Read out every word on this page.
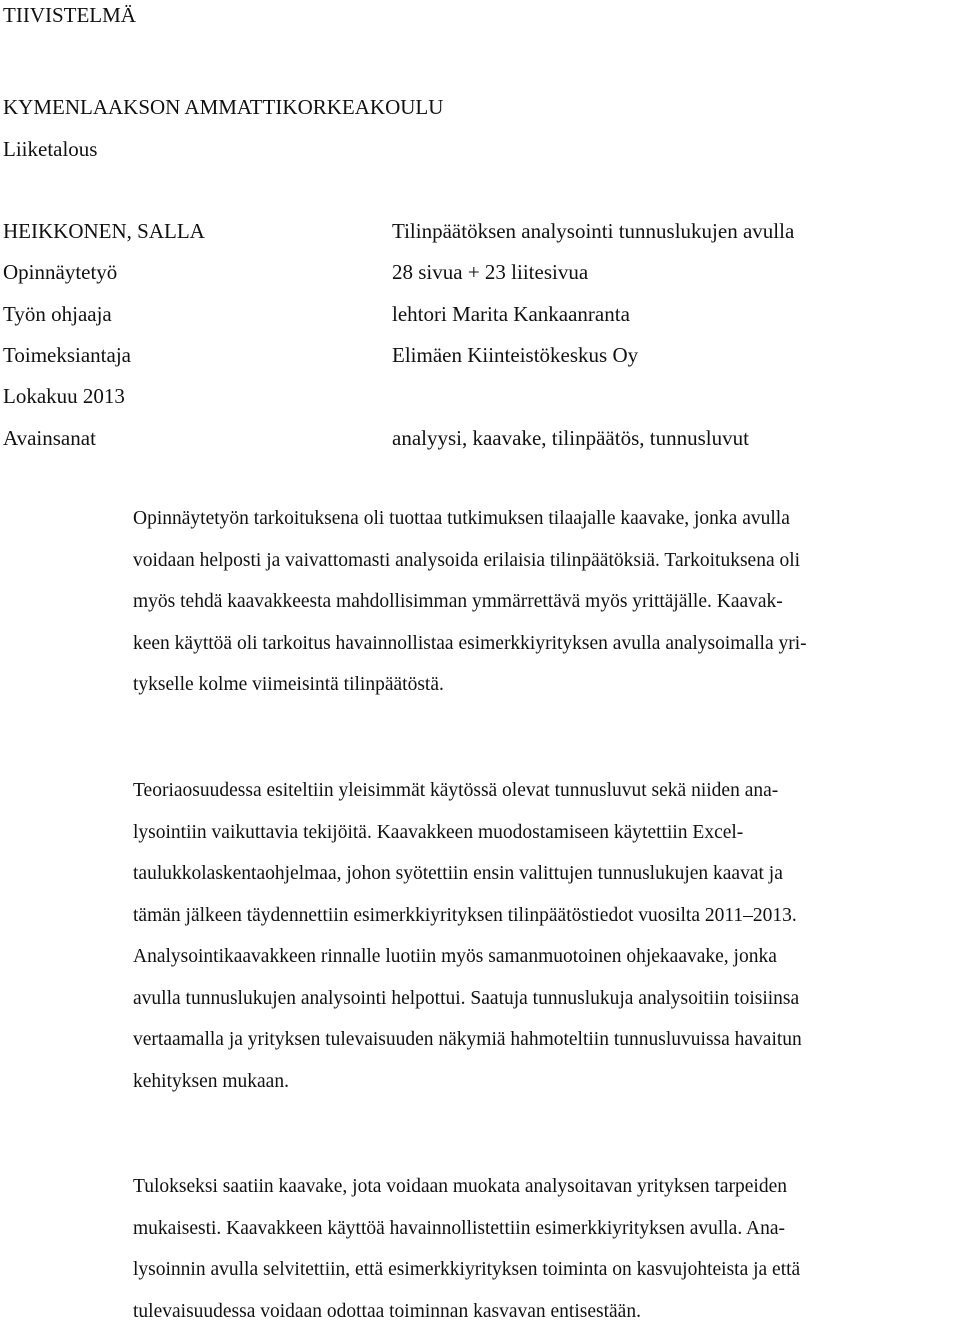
TIIVISTELMÄ
KYMENLAAKSON AMMATTIKORKEAKOULU
Liiketalous
HEIKKONEN, SALLA	Tilinpäätöksen analysointi tunnuslukujen avulla
Opinnäytetyö	28 sivua + 23 liitesivua
Työn ohjaaja	lehtori Marita Kankaanranta
Toimeksiantaja	Elimäen Kiinteistökeskus Oy
Lokakuu 2013
Avainsanat	analyysi, kaavake, tilinpäätös, tunnusluvut
Opinnäytetyön tarkoituksena oli tuottaa tutkimuksen tilaajalle kaavake, jonka avulla
voidaan helposti ja vaivattomasti analysoida erilaisia tilinpäätöksiä. Tarkoituksena oli
myös tehdä kaavakkeesta mahdollisimman ymmärrettävä myös yrittäjälle. Kaavak-
keen käyttöä oli tarkoitus havainnollistaa esimerkkiyrityksen avulla analysoimalla yri-
tykselle kolme viimeisintä tilinpäätöstä.
Teoriaosuudessa esiteltiin yleisimmät käytössä olevat tunnusluvut sekä niiden ana-
lysointiin vaikuttavia tekijöitä. Kaavakkeen muodostamiseen käytettiin Excel-
taulukkolaskentaohjelmaa, johon syötettiin ensin valittujen tunnuslukujen kaavat ja
tämän jälkeen täydennettiin esimerkkiyrityksen tilinpäätöstiedot vuosilta 2011–2013.
Analysointikaavakkeen rinnalle luotiin myös samanmuotoinen ohjekaavake, jonka
avulla tunnuslukujen analysointi helpottui. Saatuja tunnuslukuja analysoitiin toisiinsa
vertaamalla ja yrityksen tulevaisuuden näkymiä hahmoteltiin tunnusluvuissa havaitun
kehityksen mukaan.
Tulokseksi saatiin kaavake, jota voidaan muokata analysoitavan yrityksen tarpeiden
mukaisesti. Kaavakkeen käyttöä havainnollistettiin esimerkkiyrityksen avulla. Ana-
lysoinnin avulla selvitettiin, että esimerkkiyrityksen toiminta on kasvujohteista ja että
tulevaisuudessa voidaan odottaa toiminnan kasvavan entisestään.
